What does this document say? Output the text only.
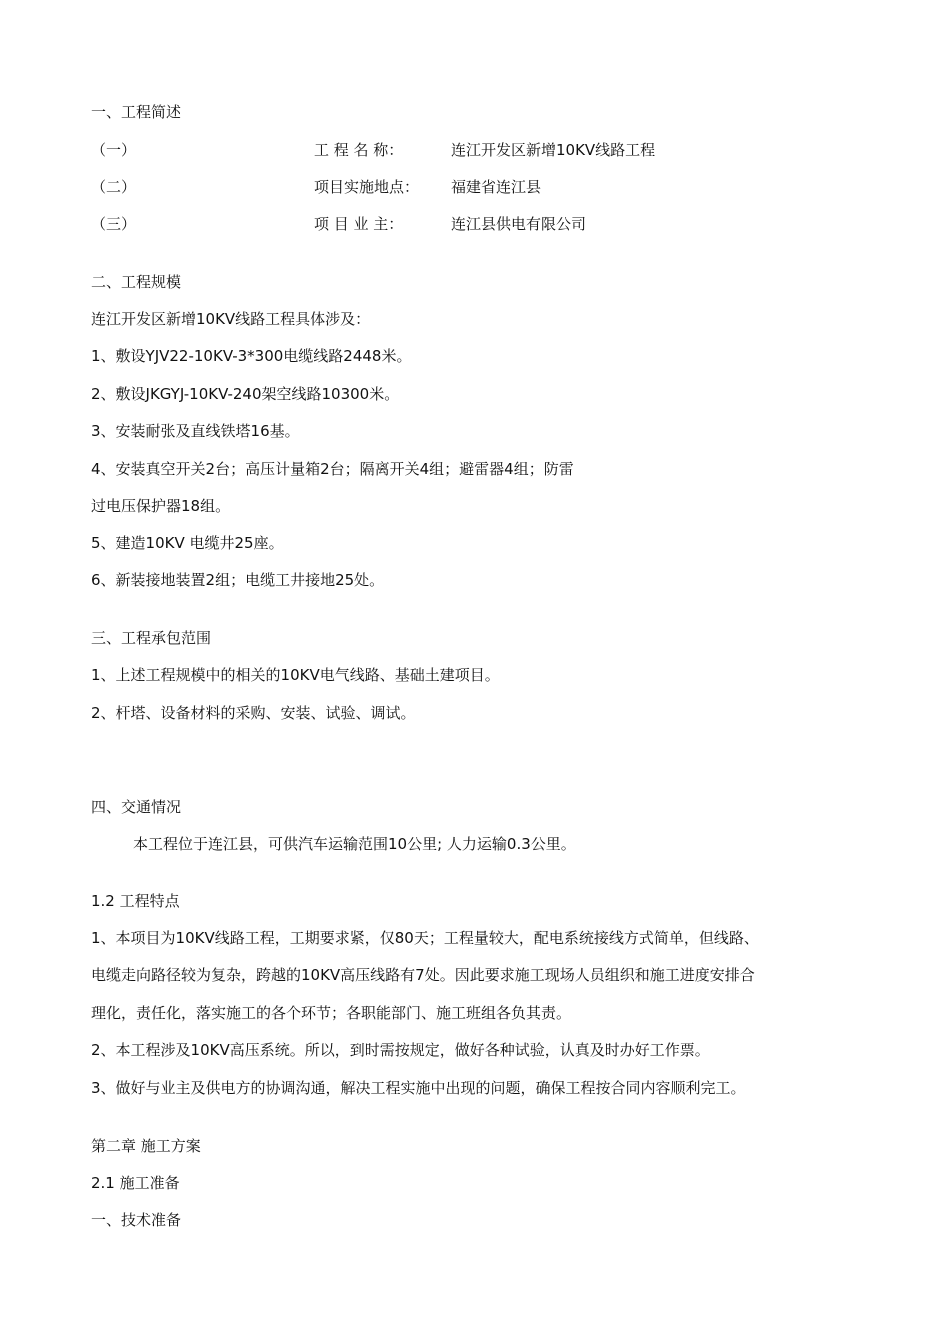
一、工程简述
（一）	工 程 名 称：	连江开发区新增10KV线路工程
（二）	项目实施地点： 福建省连江县
（三）	项 目 业 主：	连江县供电有限公司
二、工程规模
连江开发区新增10KV线路工程具体涉及：
1、敷设YJV22-10KV-3*300电缆线路2448米。
2、敷设JKGYJ-10KV-240架空线路10300米。
3、安装耐张及直线铁塔16基。
4、安装真空开关2台；高压计量箱2台；隔离开关4组；避雷器4组；防雷
过电压保护器18组。
5、建造10KV 电缆井25座。
6、新装接地装置2组；电缆工井接地25处。
三、工程承包范围
1、上述工程规模中的相关的10KV电气线路、基础土建项目。
2、杆塔、设备材料的采购、安装、试验、调试。
四、交通情况
本工程位于连江县，可供汽车运输范围10公里; 人力运输0.3公里。
1.2 工程特点
1、本项目为10KV线路工程，工期要求紧，仅80天；工程量较大，配电系统接线方式简单，但线路、
电缆走向路径较为复杂，跨越的10KV高压线路有7处。因此要求施工现场人员组织和施工进度安排合
理化，责任化，落实施工的各个环节；各职能部门、施工班组各负其责。
2、本工程涉及10KV高压系统。所以，到时需按规定，做好各种试验，认真及时办好工作票。
3、做好与业主及供电方的协调沟通，解决工程实施中出现的问题，确保工程按合同内容顺利完工。
第二章 施工方案
2.1 施工准备
一、技术准备
